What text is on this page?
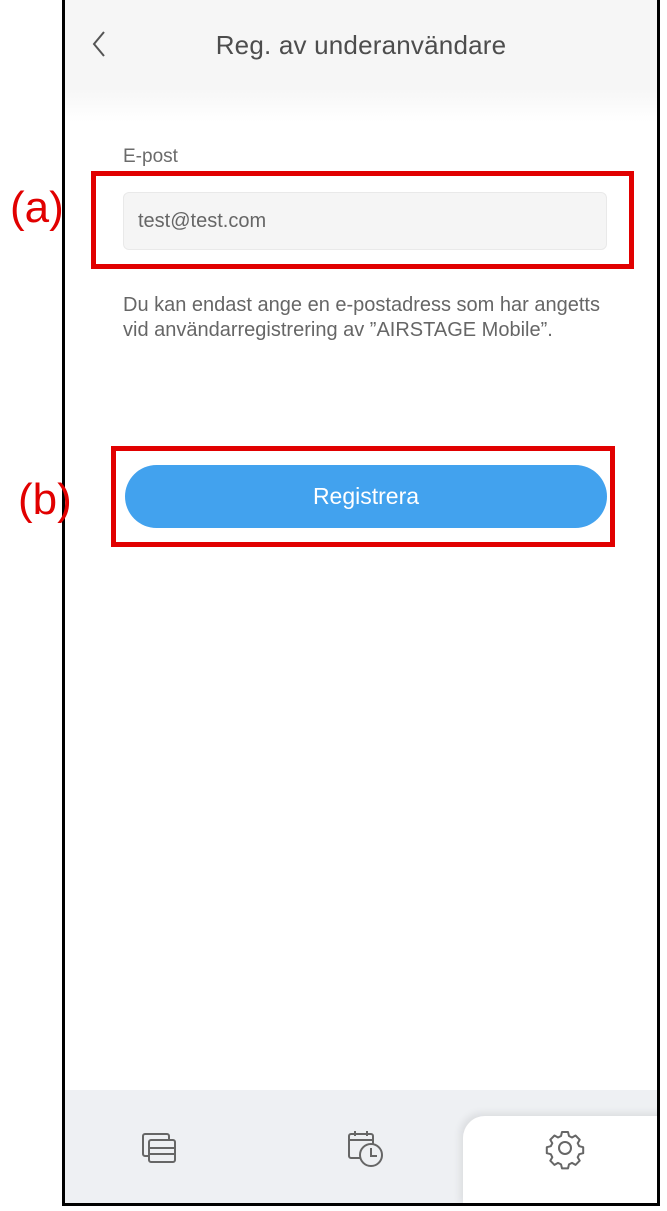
Reg. av underanvändare
E-post
test@test.com
Du kan endast ange en e-postadress som har angetts vid användarregistrering av ”AIRSTAGE Mobile”.
Registrera
(a)
(b)
